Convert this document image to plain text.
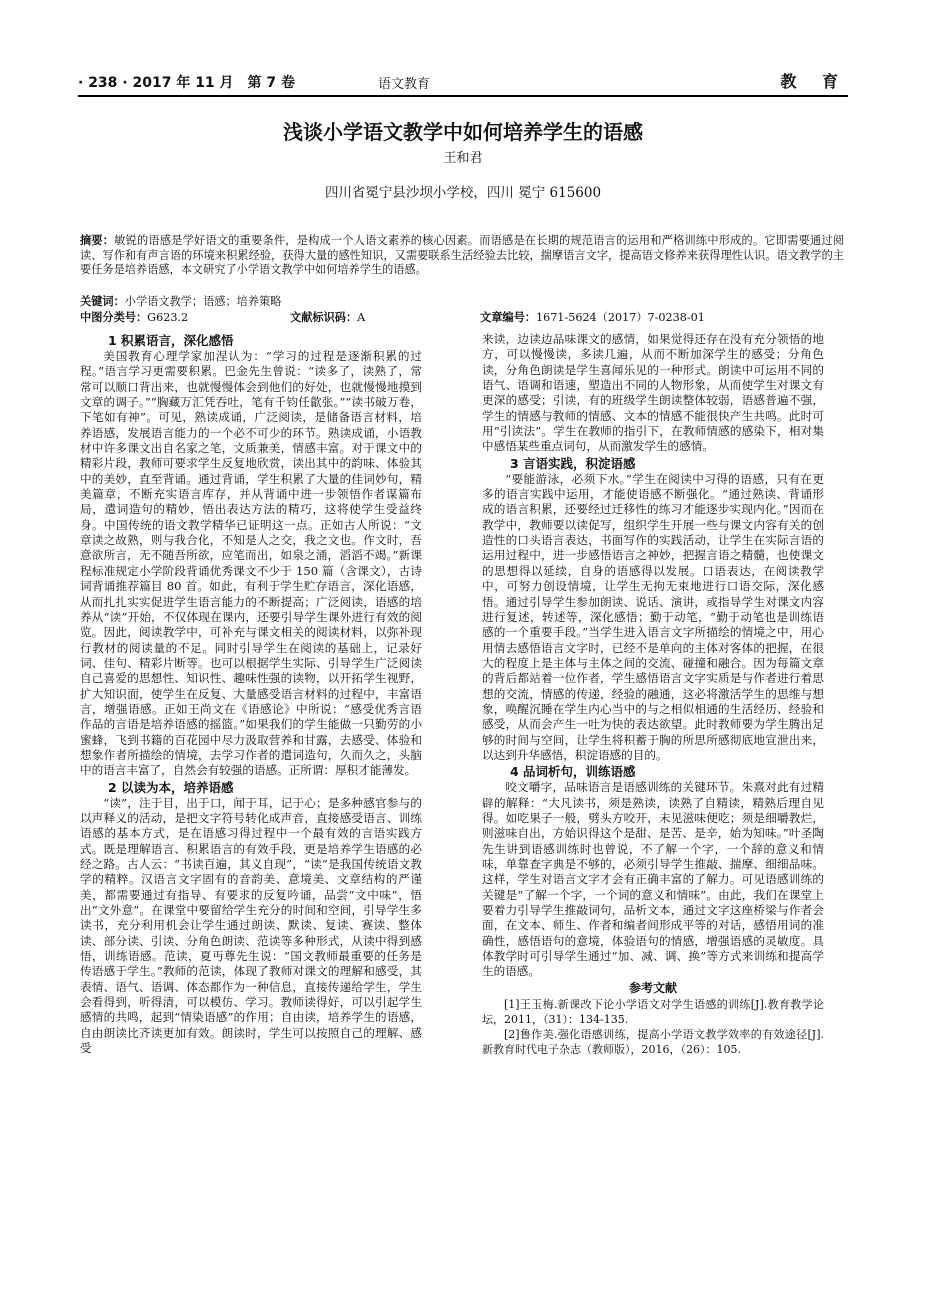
· 238 · 2017 年 11 月　第 7 卷	语文教育	教 育
浅谈小学语文教学中如何培养学生的语感
王和君
四川省冕宁县沙坝小学校，四川 冕宁 615600

摘要：敏锐的语感是学好语文的重要条件，是构成一个人语文素养的核心因素。而语感是在长期的规范语言的运用和严格训练中形成的。它即需要通过阅读、写作和有声言语的环境来积累经验，获得大量的感性知识，又需要联系生活经验去比较，揣摩语言文字，提高语文修养来获得理性认识。语文教学的主要任务是培养语感，本文研究了小学语文教学中如何培养学生的语感。

关键词：小学语文教学；语感；培养策略
中图分类号：G623.2	文献标识码：A	文章编号：1671-5624（2017）7-0238-01
1 积累语言，深化感悟

美国教育心理学家加涅认为：“学习的过程是逐渐积累的过程。”语言学习更需要积累。巴金先生曾说：“读多了，读熟了，常常可以顺口背出来，也就慢慢体会到他们的好处，也就慢慢地摸到文章的调子。”“胸藏万汇凭吞吐，笔有千钧任歙张。”“读书破万卷，下笔如有神”。可见，熟读成诵，广泛阅读，是储备语言材料，培养语感，发展语言能力的一个必不可少的环节。熟读成诵，小语教材中许多课文出自名家之笔，文质兼美，情感丰富。对于课文中的精彩片段，教师可要求学生反复地欣赏，读出其中的韵味、体验其中的美妙，直至背诵。通过背诵，学生积累了大量的佳词妙句，精美篇章，不断充实语言库存，并从背诵中进一步领悟作者谋篇布局，遣词造句的精妙，悟出表达方法的精巧，这将使学生受益终身。中国传统的语文教学精华已证明这一点。正如古人所说：“文章读之故熟，则与我合化，不知是人之交，我之文也。作文时，吾意欲所言，无不随吾所欲，应笔而出，如泉之涌，滔滔不竭。”新课程标准规定小学阶段背诵优秀课文不少于 150 篇（含课文），古诗词背诵推荐篇目 80 首。如此，有利于学生贮存语言，深化语感，从而扎扎实实促进学生语言能力的不断提高；广泛阅读，语感的培养从“读”开始，不仅体现在课内，还要引导学生课外进行有效的阅览。因此，阅读教学中，可补充与课文相关的阅读材料，以弥补现行教材的阅读量的不足。同时引导学生在阅读的基础上，记录好词、佳句、精彩片断等。也可以根据学生实际、引导学生广泛阅读自己喜爱的思想性、知识性、趣味性强的读物，以开拓学生视野，扩大知识面，使学生在反复、大量感受语言材料的过程中，丰富语言，增强语感。正如王尚文在《语感论》中所说：“感受优秀言语作品的言语是培养语感的摇篮。”如果我们的学生能做一只勤劳的小蜜蜂，飞到书籍的百花园中尽力汲取营养和甘露，去感受、体验和想象作者所描绘的情境，去学习作者的遣词造句，久而久之，头脑中的语言丰富了，自然会有较强的语感。正所谓：厚积才能薄发。

2 以读为本，培养语感

“读”，注于目，出于口，闻于耳，记于心；是多种感官参与的以声释义的活动，是把文字符号转化成声音，直接感受语言、训练语感的基本方式，是在语感习得过程中一个最有效的言语实践方式。既是理解语言、积累语言的有效手段，更是培养学生语感的必经之路。古人云：“书读百遍，其义自现”，“读”是我国传统语文教学的精粹。汉语言文字固有的音韵美、意境美、文章结构的严谨美，都需要通过有指导、有要求的反复吟诵，品尝“文中味”，悟出“文外意”。在课堂中要留给学生充分的时间和空间，引导学生多读书，充分利用机会让学生通过朗读、默读、复读、赛读、整体读、部分读、引读、分角色朗读、范读等多种形式，从读中得到感悟，训练语感。范读，夏丏尊先生说：“国文教师最重要的任务是传语感于学生。”教师的范读，体现了教师对课文的理解和感受，其表情、语气、语调、体态都作为一种信息，直接传递给学生，学生会看得到，听得清，可以模仿、学习。教师读得好，可以引起学生感情的共鸣，起到“情染语感”的作用；自由读，培养学生的语感，自由朗读比齐读更加有效。朗读时，学生可以按照自己的理解、感受

来读，边读边品味课文的感情，如果觉得还存在没有充分领悟的地方，可以慢慢读，多读几遍，从而不断加深学生的感受；分角色读，分角色朗读是学生喜闻乐见的一种形式。朗读中可运用不同的语气、语调和语速，塑造出不同的人物形象，从而使学生对课文有更深的感受；引读，有的班级学生朗读整体较弱，语感普遍不强，学生的情感与教师的情感、文本的情感不能很快产生共鸣。此时可用“引读法”。学生在教师的指引下，在教师情感的感染下，相对集中感悟某些重点词句，从而激发学生的感情。

3 言语实践，积淀语感

“要能游泳，必须下水。”学生在阅读中习得的语感，只有在更多的语言实践中运用，才能使语感不断强化。“通过熟读、背诵形成的语言积累，还要经过迁移性的练习才能逐步实现内化。”因而在教学中，教师要以读促写，组织学生开展一些与课文内容有关的创造性的口头语言表达，书面写作的实践活动，让学生在实际言语的运用过程中，进一步感悟语言之神妙，把握言语之精髓，也使课文的思想得以延续，自身的语感得以发展。口语表达，在阅读教学中，可努力创设情境，让学生无拘无束地进行口语交际，深化感悟。通过引导学生参加朗读、说话、演讲，或指导学生对课文内容进行复述，转述等，深化感悟；勤于动笔，“勤于动笔也是训练语感的一个重要手段。”当学生进入语言文字所描绘的情境之中，用心用情去感悟语言文字时，已经不是单向的主体对客体的把握，在很大的程度上是主体与主体之间的交流、碰撞和融合。因为每篇文章的背后都站着一位作者，学生感悟语言文字实质是与作者进行着思想的交流，情感的传递，经验的融通，这必将激活学生的思维与想象，唤醒沉睡在学生内心当中的与之相似相通的生活经历、经验和感受，从而会产生一吐为快的表达欲望。此时教师要为学生腾出足够的时间与空间，让学生将积蓄于胸的所思所感彻底地宣泄出来，以达到升华感悟，积淀语感的目的。

4 品词析句，训练语感

咬文嚼字，品味语言是语感训练的关键环节。朱熹对此有过精辟的解释：“大凡读书，须是熟读，读熟了自精读，精熟后理自见得。如吃果子一般，劈头方咬开，未见滋味便吃；须是细嚼教烂，则滋味自出，方始识得这个是甜、是苦、是辛，始为知味。”叶圣陶先生讲到语感训练时也曾说，不了解一个字，一个辞的意义和情味，单靠查字典是不够的，必须引导学生推敲、揣摩、细细品味。这样，学生对语言文字才会有正确丰富的了解力。可见语感训练的关键是“了解一个字，一个词的意义和情味”。由此，我们在课堂上要着力引导学生推敲词句，品析文本，通过文字这座桥梁与作者会面，在文本、师生、作者和编者间形成平等的对话，感悟用词的准确性，感悟语句的意境，体验语句的情感，增强语感的灵敏度。具体教学时可引导学生通过“加、减、调、换”等方式来训练和提高学生的语感。

参考文献

[1]王玉梅.新课改下论小学语文对学生语感的训练[J].教育教学论坛，2011，（31）：134-135.

[2]鲁作美.强化语感训练，提高小学语文教学效率的有效途径[J].新教育时代电子杂志（教师版），2016，（26）：105.
